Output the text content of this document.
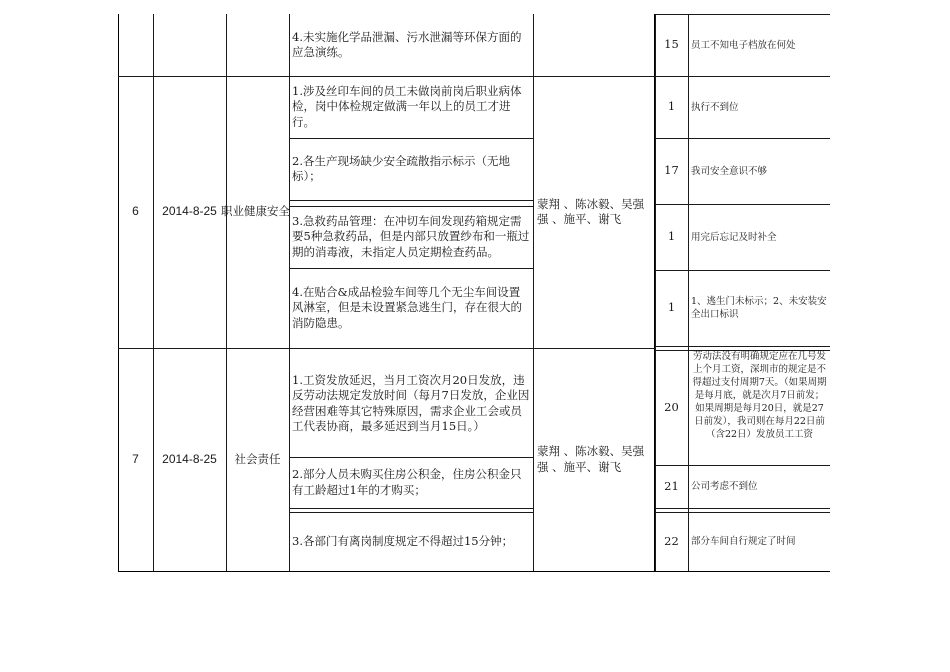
4.未实施化学品泄漏、污水泄漏等环保方面的应急演练。
15 员工不知电子档放在何处
6 2014-8-25 职业健康安全
1.涉及丝印车间的员工未做岗前岗后职业病体检，岗中体检规定做满一年以上的员工才进行。
2.各生产现场缺少安全疏散指示标示（无地标）；
3.急救药品管理：在冲切车间发现药箱规定需要5种急救药品，但是内部只放置纱布和一瓶过期的消毒液，未指定人员定期检查药品。
4.在贴合&成品检验车间等几个无尘车间设置风淋室，但是未设置紧急逃生门，存在很大的消防隐患。
蒙翔 、陈冰毅、吴强强 、施平、谢飞
1 执行不到位
17 我司安全意识不够
1 用完后忘记及时补全
1 1、逃生门未标示；2、未安装安全出口标识
7 2014-8-25 社会责任
1.工资发放延迟，当月工资次月20日发放，违反劳动法规定发放时间（每月7日发放，企业因经营困难等其它特殊原因，需求企业工会或员工代表协商，最多延迟到当月15日。）
2.部分人员未购买住房公积金，住房公积金只有工龄超过1年的才购买；
3.各部门有离岗制度规定不得超过15分钟；
蒙翔 、陈冰毅、吴强强 、施平、谢飞
20
劳动法没有明确规定应在几号发上个月工资，深圳市的规定是不得超过支付周期7天。（如果周期是每月底，就是次月7日前发；如果周期是每月20日，就是27日前发），我司则在每月22日前（含22日）发放员工工资
21 公司考虑不到位
22 部分车间自行规定了时间
